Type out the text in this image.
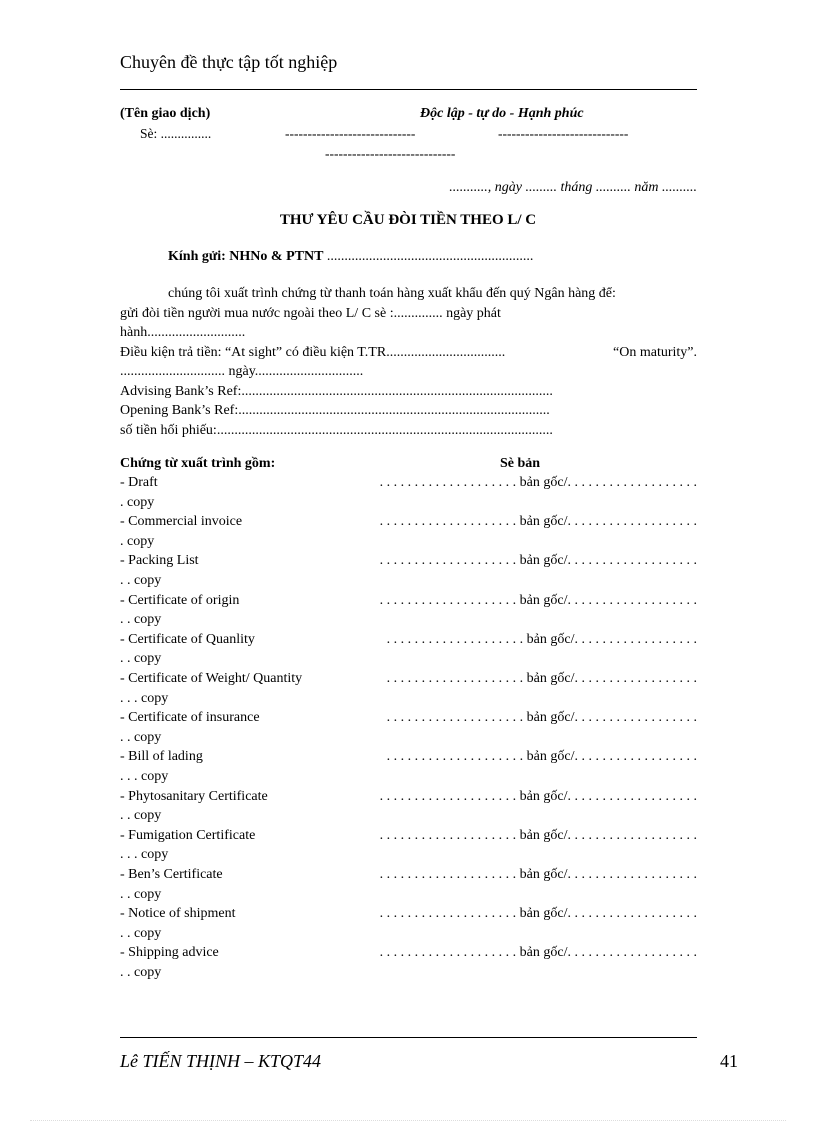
Chuyên đề thực tập tốt nghiệp
(Tên giao dịch)	Độc lập - tự do - Hạnh phúc
Sè: ...............	-----------------------------	-----------------------------
-----------------------------
..........., ngày ......... tháng .......... năm ..........
THƯ YÊU CẦU ĐÒI TIỀN THEO L/ C
Kính gửi: NHNo & PTNT ...........................................................
chúng tôi xuất trình chứng từ thanh toán hàng xuất khẩu đến quý Ngân hàng để:
gửi đòi tiền người mua nước ngoài theo L/ C sè :.............. ngày phát
hành............................
Điều kiện trả tiền: “At sight” có điều kiện T.TR..................................	“On maturity”.
.............................. ngày...............................
Advising Bank’s Ref:.........................................................................................
Opening Bank’s Ref:.........................................................................................
số tiền hối phiếu:................................................................................................
Chứng từ xuất trình gồm:	Sè bản
- Draft	. . . . . . . . . . . . . . . . . . . . bản gốc/. . . . . . . . . . . . . . . . . . .
. copy
- Commercial invoice	. . . . . . . . . . . . . . . . . . . . bản gốc/. . . . . . . . . . . . . . . . . . .
. copy
- Packing List	. . . . . . . . . . . . . . . . . . . . bản gốc/. . . . . . . . . . . . . . . . . . .
. . copy
- Certificate of origin	. . . . . . . . . . . . . . . . . . . . bản gốc/. . . . . . . . . . . . . . . . . . .
. . copy
- Certificate of Quanlity	. . . . . . . . . . . . . . . . . . . . bản gốc/. . . . . . . . . . . . . . . . . .
. . copy
- Certificate of Weight/ Quantity	. . . . . . . . . . . . . . . . . . . . bản gốc/. . . . . . . . . . . . . . . . . .
. . . copy
- Certificate of insurance	. . . . . . . . . . . . . . . . . . . . bản gốc/. . . . . . . . . . . . . . . . . .
. . copy
- Bill of lading	. . . . . . . . . . . . . . . . . . . . bản gốc/. . . . . . . . . . . . . . . . . .
. . . copy
- Phytosanitary Certificate	. . . . . . . . . . . . . . . . . . . . bản gốc/. . . . . . . . . . . . . . . . . . .
. . copy
- Fumigation Certificate	. . . . . . . . . . . . . . . . . . . . bản gốc/. . . . . . . . . . . . . . . . . . .
. . . copy
- Ben’s Certificate	. . . . . . . . . . . . . . . . . . . . bản gốc/. . . . . . . . . . . . . . . . . . .
. . copy
- Notice of shipment	. . . . . . . . . . . . . . . . . . . . bản gốc/. . . . . . . . . . . . . . . . . . .
. . copy
- Shipping advice	. . . . . . . . . . . . . . . . . . . . bản gốc/. . . . . . . . . . . . . . . . . . .
. . copy
Lê TIẾN THỊNH – KTQT44	41
